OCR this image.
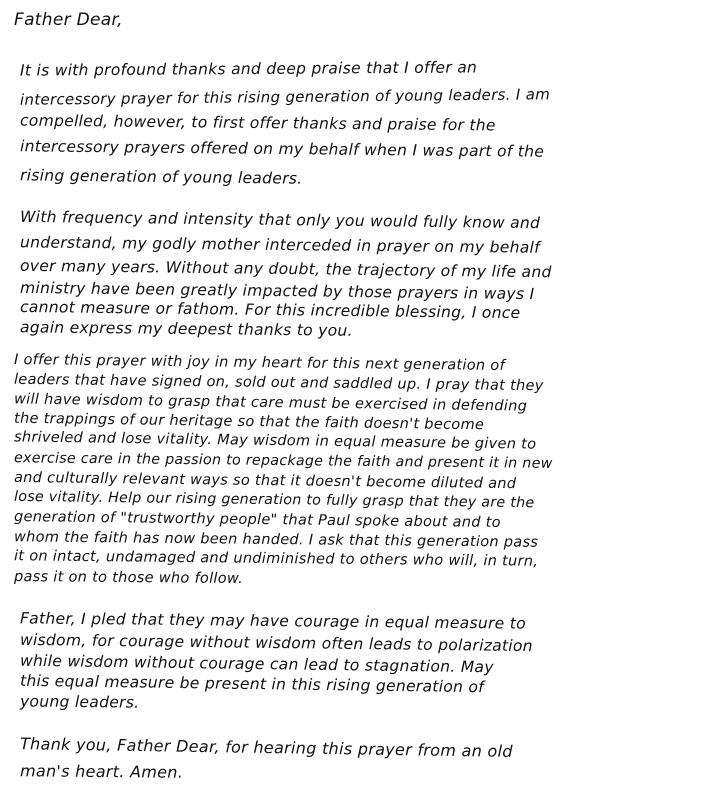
Father Dear,
It is with profound thanks and deep praise that I offer an
intercessory prayer for this rising generation of young leaders. I am
compelled, however, to first offer thanks and praise for the
intercessory prayers offered on my behalf when I was part of the
rising generation of young leaders.
With frequency and intensity that only you would fully know and
understand, my godly mother interceded in prayer on my behalf
over many years. Without any doubt, the trajectory of my life and
ministry have been greatly impacted by those prayers in ways I
cannot measure or fathom. For this incredible blessing, I once
again express my deepest thanks to you.
I offer this prayer with joy in my heart for this next generation of
leaders that have signed on, sold out and saddled up. I pray that they
will have wisdom to grasp that care must be exercised in defending
the trappings of our heritage so that the faith doesn't become
shriveled and lose vitality. May wisdom in equal measure be given to
exercise care in the passion to repackage the faith and present it in new
and culturally relevant ways so that it doesn't become diluted and
lose vitality. Help our rising generation to fully grasp that they are the
generation of "trustworthy people" that Paul spoke about and to
whom the faith has now been handed. I ask that this generation pass
it on intact, undamaged and undiminished to others who will, in turn,
pass it on to those who follow.
Father, I pled that they may have courage in equal measure to
wisdom, for courage without wisdom often leads to polarization
while wisdom without courage can lead to stagnation. May
this equal measure be present in this rising generation of
young leaders.
Thank you, Father Dear, for hearing this prayer from an old
man's heart. Amen.
